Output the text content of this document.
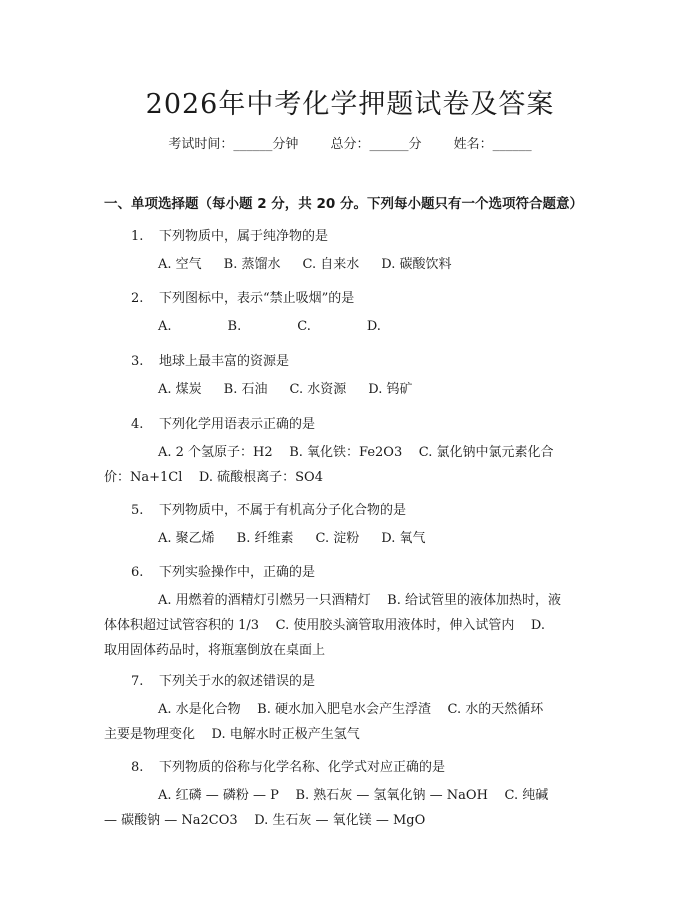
2026年中考化学押题试卷及答案
考试时间：______分钟 总分：______分 姓名：______
一、单项选择题（每小题 2 分，共 20 分。下列每小题只有一个选项符合题意）
1. 下列物质中，属于纯净物的是
A. 空气 B. 蒸馏水 C. 自来水 D. 碳酸饮料
2. 下列图标中，表示“禁止吸烟”的是
A.	B.	C.	D.
3. 地球上最丰富的资源是
A. 煤炭 B. 石油 C. 水资源 D. 钨矿
4. 下列化学用语表示正确的是
A. 2 个氢原子：H2    B. 氧化铁：Fe2O3    C. 氯化钠中氯元素化合
价：Na+1Cl    D. 硫酸根离子：SO4
5. 下列物质中，不属于有机高分子化合物的是
A. 聚乙烯 B. 纤维素 C. 淀粉 D. 氧气
6. 下列实验操作中，正确的是
A. 用燃着的酒精灯引燃另一只酒精灯    B. 给试管里的液体加热时，液
体体积超过试管容积的 1/3    C. 使用胶头滴管取用液体时，伸入试管内    D.
取用固体药品时，将瓶塞倒放在桌面上
7. 下列关于水的叙述错误的是
A. 水是化合物    B. 硬水加入肥皂水会产生浮渣    C. 水的天然循环
主要是物理变化    D. 电解水时正极产生氢气
8. 下列物质的俗称与化学名称、化学式对应正确的是
A. 红磷 — 磷粉 — P    B. 熟石灰 — 氢氧化钠 — NaOH    C. 纯碱
— 碳酸钠 — Na2CO3    D. 生石灰 — 氧化镁 — MgO
